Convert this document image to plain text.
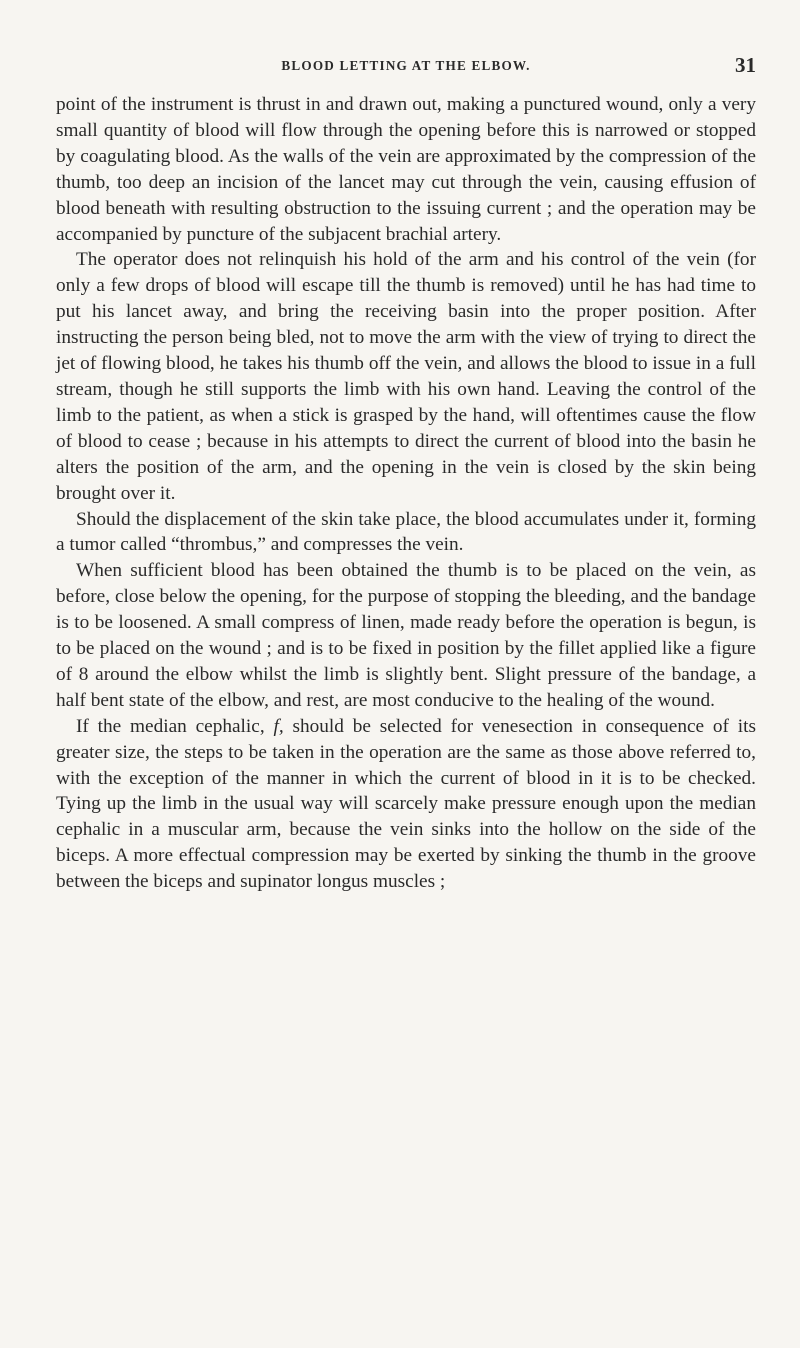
BLOOD LETTING AT THE ELBOW.	31

point of the instrument is thrust in and drawn out, making a punctured wound, only a very small quantity of blood will flow through the opening before this is narrowed or stopped by coagulating blood. As the walls of the vein are approximated by the compression of the thumb, too deep an incision of the lancet may cut through the vein, causing effusion of blood beneath with resulting obstruction to the issuing current ; and the operation may be accompanied by puncture of the subjacent brachial artery.

The operator does not relinquish his hold of the arm and his control of the vein (for only a few drops of blood will escape till the thumb is removed) until he has had time to put his lancet away, and bring the receiving basin into the proper position. After instructing the person being bled, not to move the arm with the view of trying to direct the jet of flowing blood, he takes his thumb off the vein, and allows the blood to issue in a full stream, though he still supports the limb with his own hand. Leaving the control of the limb to the patient, as when a stick is grasped by the hand, will oftentimes cause the flow of blood to cease ; because in his attempts to direct the current of blood into the basin he alters the position of the arm, and the opening in the vein is closed by the skin being brought over it.

Should the displacement of the skin take place, the blood accumulates under it, forming a tumor called “thrombus,” and compresses the vein.

When sufficient blood has been obtained the thumb is to be placed on the vein, as before, close below the opening, for the purpose of stopping the bleeding, and the bandage is to be loosened. A small compress of linen, made ready before the operation is begun, is to be placed on the wound ; and is to be fixed in position by the fillet applied like a figure of 8 around the elbow whilst the limb is slightly bent. Slight pressure of the bandage, a half bent state of the elbow, and rest, are most conducive to the healing of the wound.

If the median cephalic, f, should be selected for venesection in consequence of its greater size, the steps to be taken in the operation are the same as those above referred to, with the exception of the manner in which the current of blood in it is to be checked. Tying up the limb in the usual way will scarcely make pressure enough upon the median cephalic in a muscular arm, because the vein sinks into the hollow on the side of the biceps. A more effectual compression may be exerted by sinking the thumb in the groove between the biceps and supinator longus muscles ;
